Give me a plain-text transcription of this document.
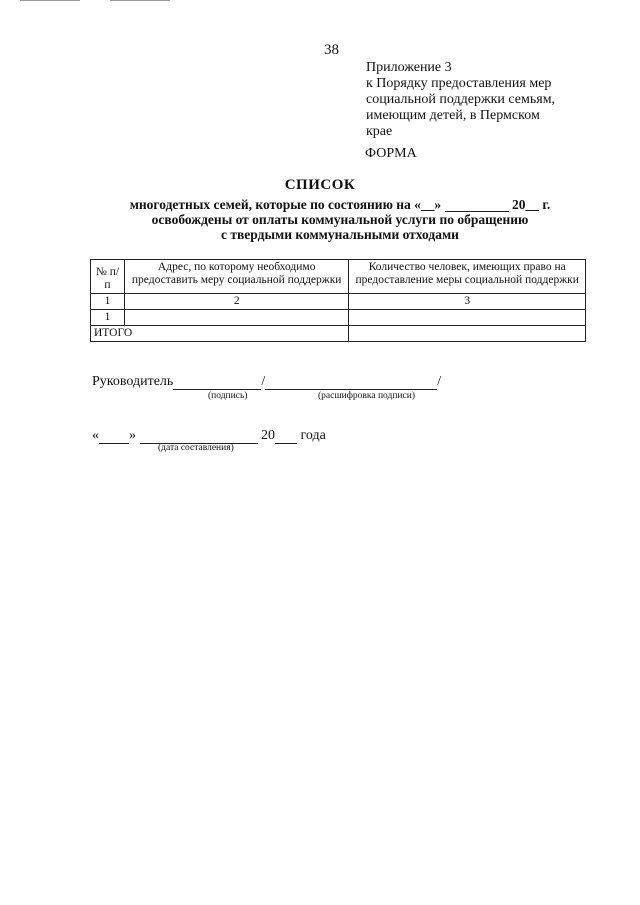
38
Приложение 3
к Порядку предоставления мер
социальной поддержки семьям,
имеющим детей, в Пермском
крае
ФОРМА
СПИСОК
многодетных семей, которые по состоянию на «__»	20__ г.
освобождены от оплаты коммунальной услуги по обращению
с твердыми коммунальными отходами
№ п/п	Адрес, по которому необходимо предоставить меру социальной поддержки	Количество человек, имеющих право на предоставление меры социальной поддержки
1	2	3
1		
ИТОГО		
Руководитель	/	/
(подпись)	(расшифровка подписи)
« »	20 года
(дата составления)
